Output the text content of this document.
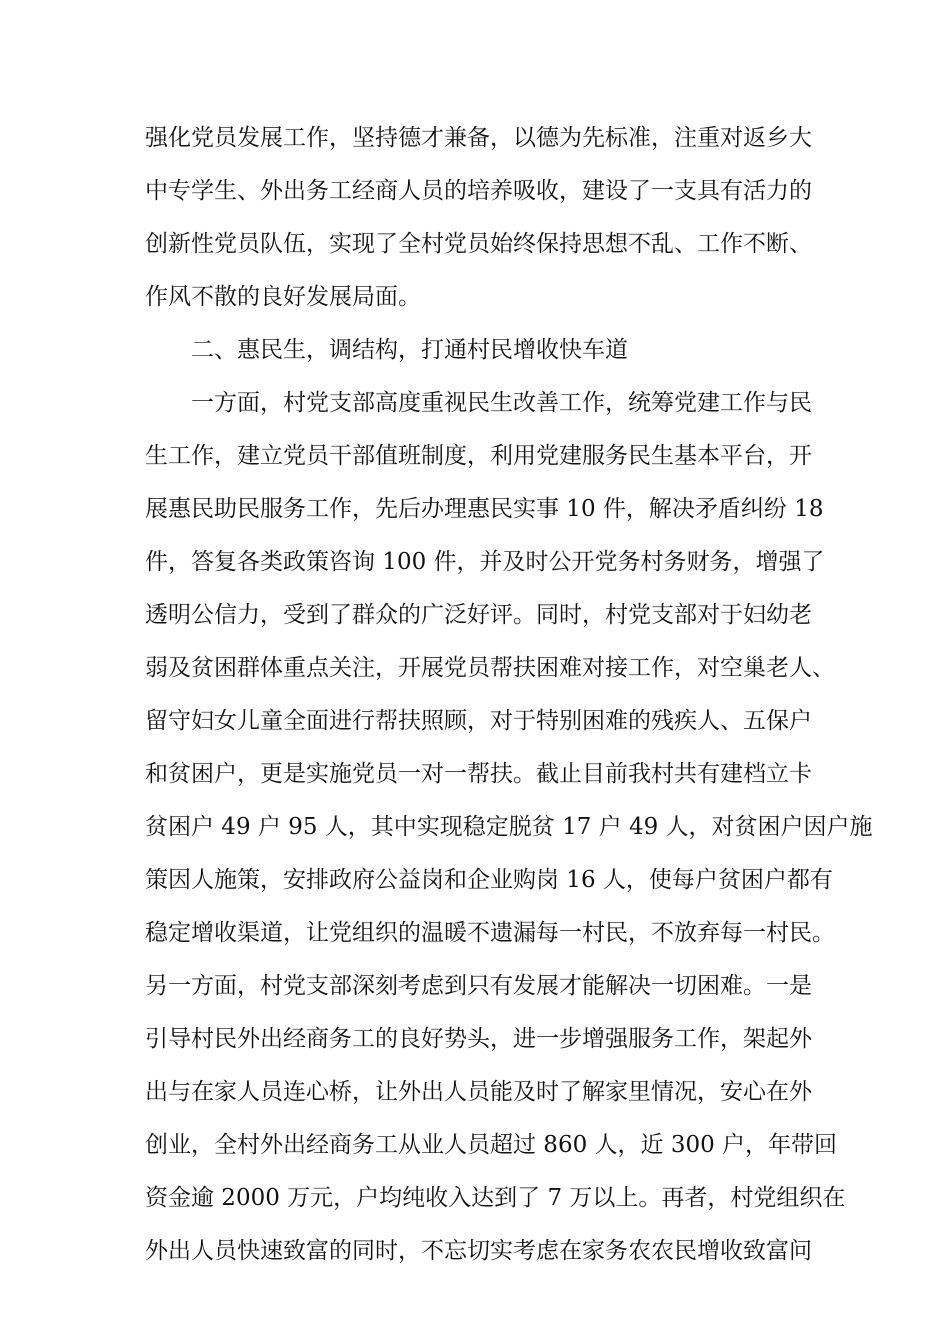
强化党员发展工作，坚持德才兼备，以德为先标准，注重对返乡大
中专学生、外出务工经商人员的培养吸收，建设了一支具有活力的
创新性党员队伍，实现了全村党员始终保持思想不乱、工作不断、
作风不散的良好发展局面。
二、惠民生，调结构，打通村民增收快车道
一方面，村党支部高度重视民生改善工作，统筹党建工作与民
生工作，建立党员干部值班制度，利用党建服务民生基本平台，开
展惠民助民服务工作，先后办理惠民实事 10 件，解决矛盾纠纷 18
件，答复各类政策咨询 100 件，并及时公开党务村务财务，增强了
透明公信力，受到了群众的广泛好评。同时，村党支部对于妇幼老
弱及贫困群体重点关注，开展党员帮扶困难对接工作，对空巢老人、
留守妇女儿童全面进行帮扶照顾，对于特别困难的残疾人、五保户
和贫困户，更是实施党员一对一帮扶。截止目前我村共有建档立卡
贫困户 49 户 95 人，其中实现稳定脱贫 17 户 49 人，对贫困户因户施
策因人施策，安排政府公益岗和企业购岗 16 人，使每户贫困户都有
稳定增收渠道，让党组织的温暖不遗漏每一村民，不放弃每一村民。
另一方面，村党支部深刻考虑到只有发展才能解决一切困难。一是
引导村民外出经商务工的良好势头，进一步增强服务工作，架起外
出与在家人员连心桥，让外出人员能及时了解家里情况，安心在外
创业，全村外出经商务工从业人员超过 860 人，近 300 户，年带回
资金逾 2000 万元，户均纯收入达到了 7 万以上。再者，村党组织在
外出人员快速致富的同时，不忘切实考虑在家务农农民增收致富问
